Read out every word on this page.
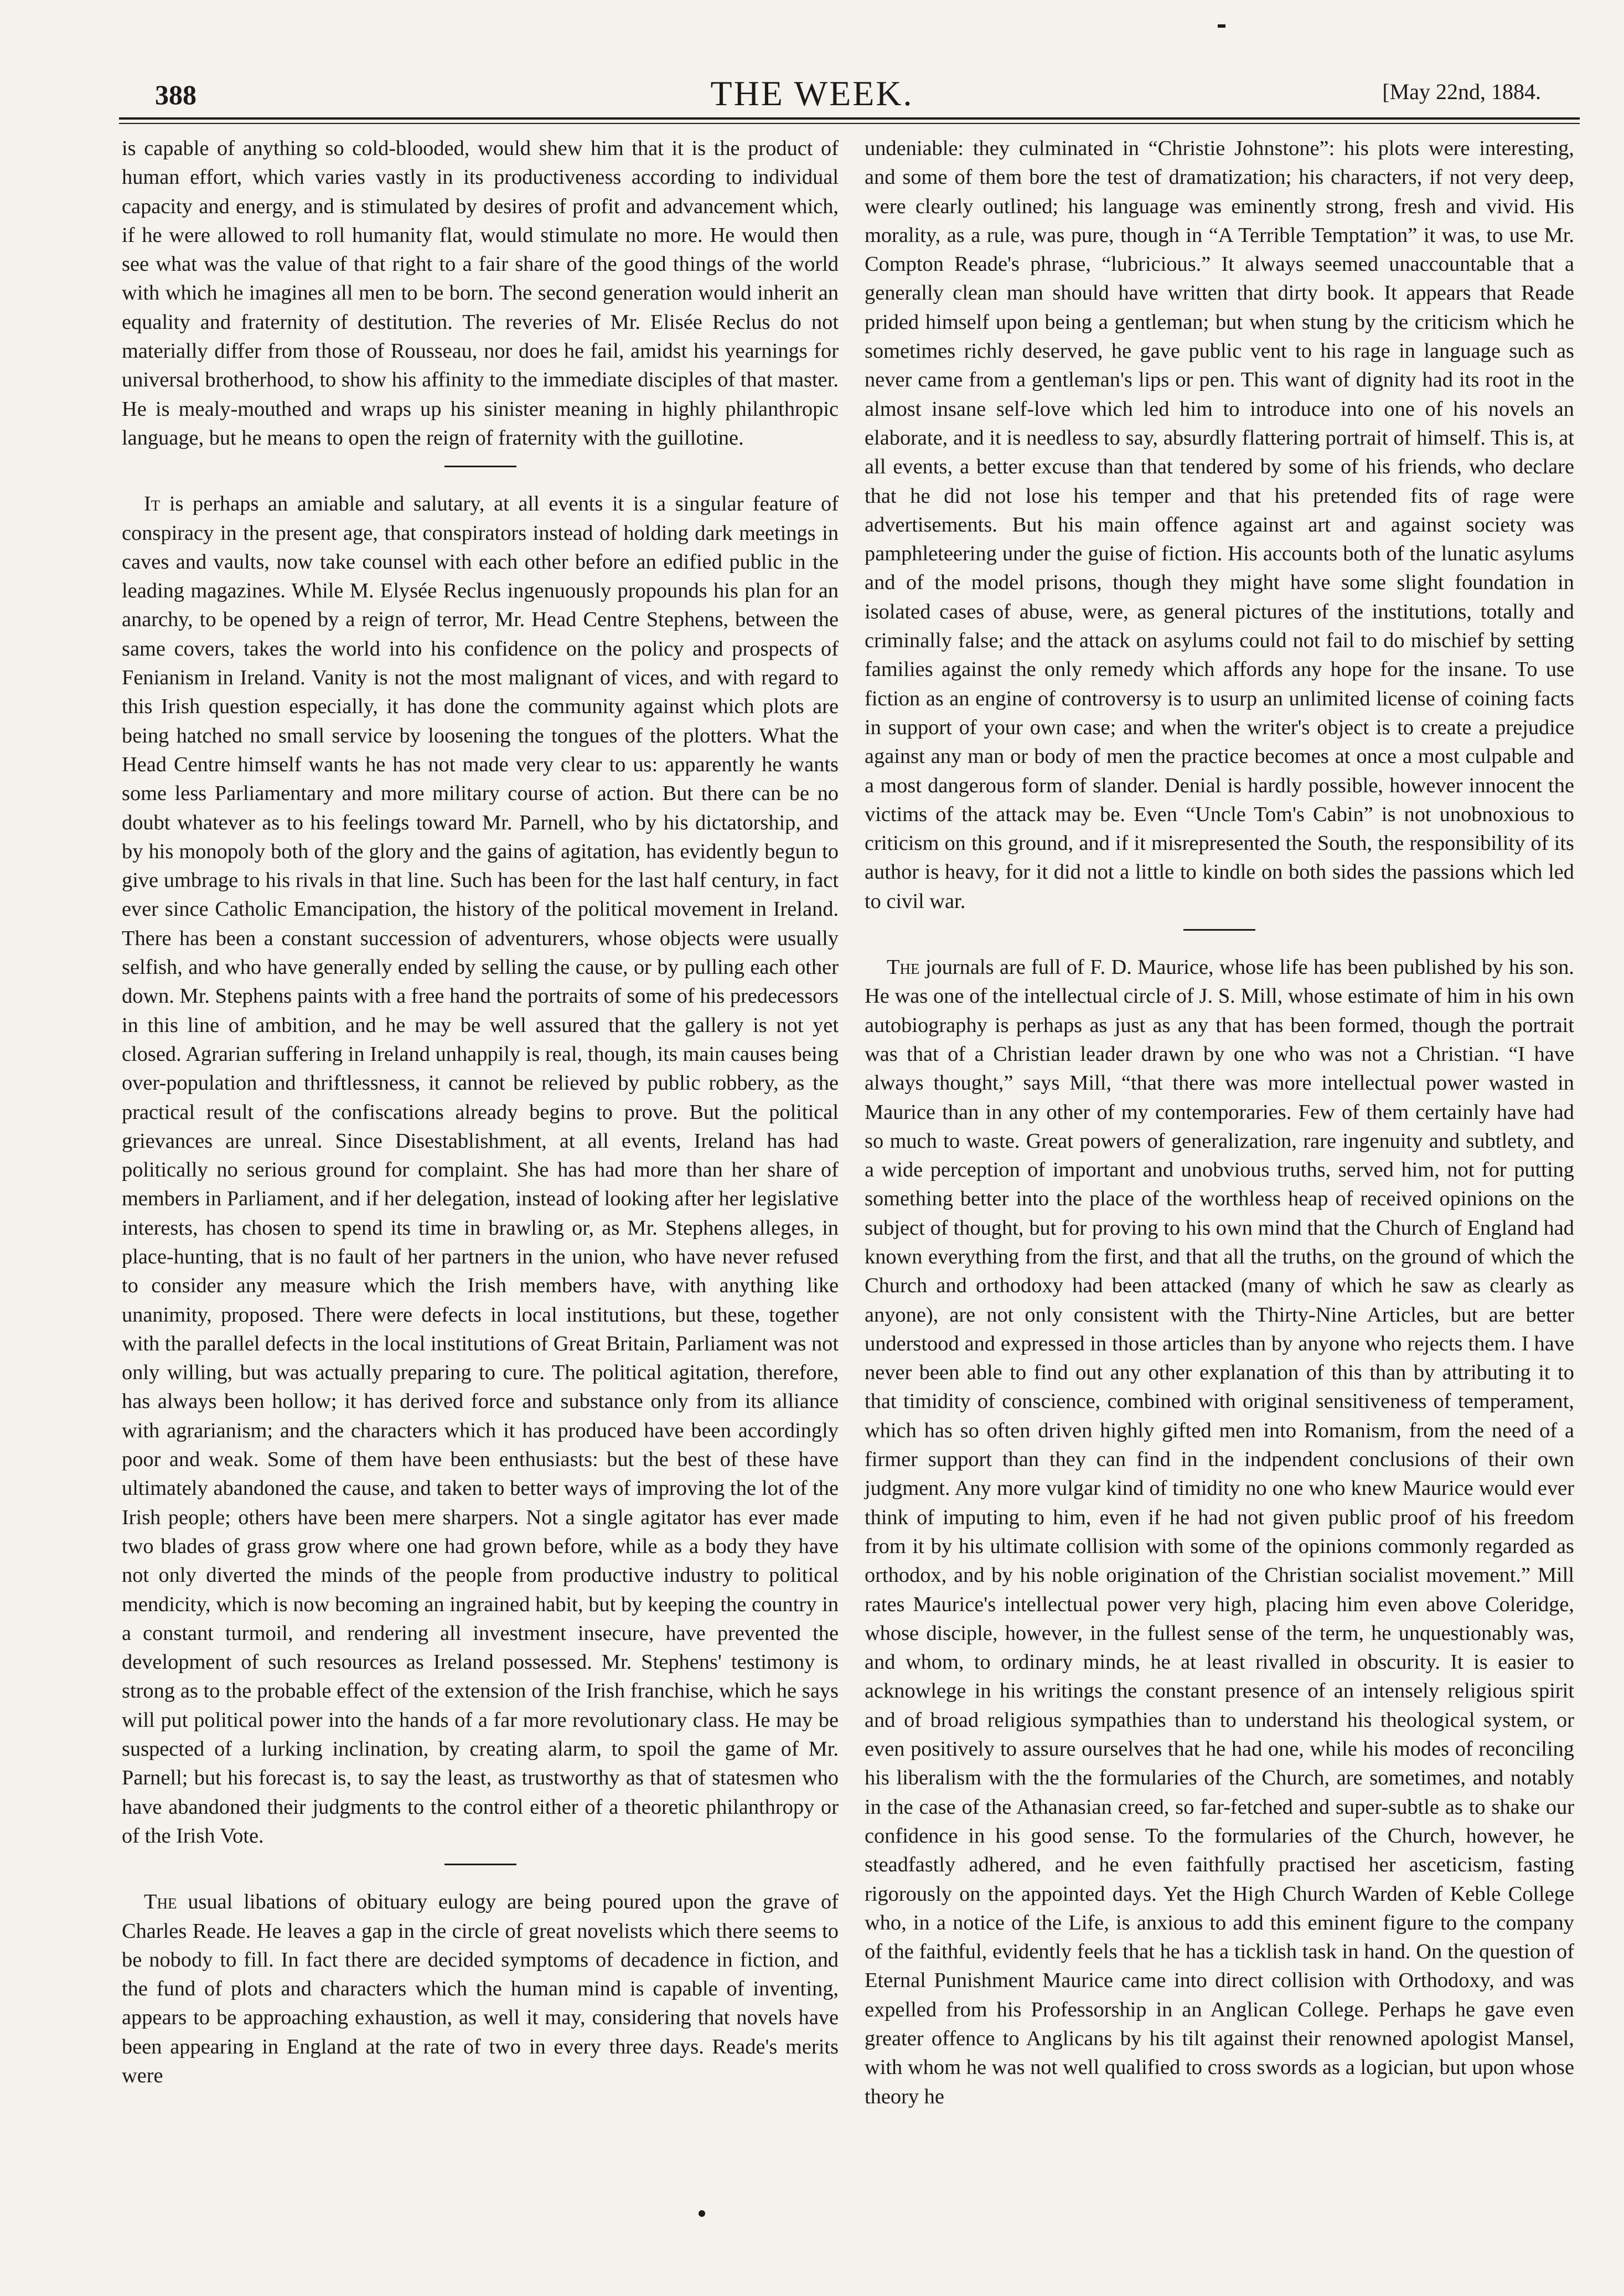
388	THE WEEK.	[May 22nd, 1884.

is capable of anything so cold-blooded, would shew him that it is the product of human effort, which varies vastly in its productiveness according to individual capacity and energy, and is stimulated by desires of profit and advancement which, if he were allowed to roll humanity flat, would stimulate no more. He would then see what was the value of that right to a fair share of the good things of the world with which he imagines all men to be born. The second generation would inherit an equality and fraternity of destitution. The reveries of Mr. Elisée Reclus do not materially differ from those of Rousseau, nor does he fail, amidst his yearnings for universal brotherhood, to show his affinity to the immediate disciples of that master. He is mealy-mouthed and wraps up his sinister meaning in highly philanthropic language, but he means to open the reign of fraternity with the guillotine.

It is perhaps an amiable and salutary, at all events it is a singular feature of conspiracy in the present age, that conspirators instead of holding dark meetings in caves and vaults, now take counsel with each other before an edified public in the leading magazines. While M. Elysée Reclus ingenuously propounds his plan for an anarchy, to be opened by a reign of terror, Mr. Head Centre Stephens, between the same covers, takes the world into his confidence on the policy and prospects of Fenianism in Ireland. Vanity is not the most malignant of vices, and with regard to this Irish question especially, it has done the community against which plots are being hatched no small service by loosening the tongues of the plotters. What the Head Centre himself wants he has not made very clear to us: apparently he wants some less Parliamentary and more military course of action. But there can be no doubt whatever as to his feelings toward Mr. Parnell, who by his dictatorship, and by his monopoly both of the glory and the gains of agitation, has evidently begun to give umbrage to his rivals in that line. Such has been for the last half century, in fact ever since Catholic Emancipation, the history of the political movement in Ireland. There has been a constant succession of adventurers, whose objects were usually selfish, and who have generally ended by selling the cause, or by pulling each other down. Mr. Stephens paints with a free hand the portraits of some of his predecessors in this line of ambition, and he may be well assured that the gallery is not yet closed. Agrarian suffering in Ireland unhappily is real, though, its main causes being over-population and thriftlessness, it cannot be relieved by public robbery, as the practical result of the confiscations already begins to prove. But the political grievances are unreal. Since Disestablishment, at all events, Ireland has had politically no serious ground for complaint. She has had more than her share of members in Parliament, and if her delegation, instead of looking after her legislative interests, has chosen to spend its time in brawling or, as Mr. Stephens alleges, in place-hunting, that is no fault of her partners in the union, who have never refused to consider any measure which the Irish members have, with anything like unanimity, proposed. There were defects in local institutions, but these, together with the parallel defects in the local institutions of Great Britain, Parliament was not only willing, but was actually preparing to cure. The political agitation, therefore, has always been hollow; it has derived force and substance only from its alliance with agrarianism; and the characters which it has produced have been accordingly poor and weak. Some of them have been enthusiasts: but the best of these have ultimately abandoned the cause, and taken to better ways of improving the lot of the Irish people; others have been mere sharpers. Not a single agitator has ever made two blades of grass grow where one had grown before, while as a body they have not only diverted the minds of the people from productive industry to political mendicity, which is now becoming an ingrained habit, but by keeping the country in a constant turmoil, and rendering all investment insecure, have prevented the development of such resources as Ireland possessed. Mr. Stephens' testimony is strong as to the probable effect of the extension of the Irish franchise, which he says will put political power into the hands of a far more revolutionary class. He may be suspected of a lurking inclination, by creating alarm, to spoil the game of Mr. Parnell; but his forecast is, to say the least, as trustworthy as that of statesmen who have abandoned their judgments to the control either of a theoretic philanthropy or of the Irish Vote.

The usual libations of obituary eulogy are being poured upon the grave of Charles Reade. He leaves a gap in the circle of great novelists which there seems to be nobody to fill. In fact there are decided symptoms of decadence in fiction, and the fund of plots and characters which the human mind is capable of inventing, appears to be approaching exhaustion, as well it may, considering that novels have been appearing in England at the rate of two in every three days. Reade's merits were

undeniable: they culminated in “Christie Johnstone”: his plots were interesting, and some of them bore the test of dramatization; his characters, if not very deep, were clearly outlined; his language was eminently strong, fresh and vivid. His morality, as a rule, was pure, though in “A Terrible Temptation” it was, to use Mr. Compton Reade's phrase, “lubricious.” It always seemed unaccountable that a generally clean man should have written that dirty book. It appears that Reade prided himself upon being a gentleman; but when stung by the criticism which he sometimes richly deserved, he gave public vent to his rage in language such as never came from a gentleman's lips or pen. This want of dignity had its root in the almost insane self-love which led him to introduce into one of his novels an elaborate, and it is needless to say, absurdly flattering portrait of himself. This is, at all events, a better excuse than that tendered by some of his friends, who declare that he did not lose his temper and that his pretended fits of rage were advertisements. But his main offence against art and against society was pamphleteering under the guise of fiction. His accounts both of the lunatic asylums and of the model prisons, though they might have some slight foundation in isolated cases of abuse, were, as general pictures of the institutions, totally and criminally false; and the attack on asylums could not fail to do mischief by setting families against the only remedy which affords any hope for the insane. To use fiction as an engine of controversy is to usurp an unlimited license of coining facts in support of your own case; and when the writer's object is to create a prejudice against any man or body of men the practice becomes at once a most culpable and a most dangerous form of slander. Denial is hardly possible, however innocent the victims of the attack may be. Even “Uncle Tom's Cabin” is not unobnoxious to criticism on this ground, and if it misrepresented the South, the responsibility of its author is heavy, for it did not a little to kindle on both sides the passions which led to civil war.

The journals are full of F. D. Maurice, whose life has been published by his son. He was one of the intellectual circle of J. S. Mill, whose estimate of him in his own autobiography is perhaps as just as any that has been formed, though the portrait was that of a Christian leader drawn by one who was not a Christian. “I have always thought,” says Mill, “that there was more intellectual power wasted in Maurice than in any other of my contemporaries. Few of them certainly have had so much to waste. Great powers of generalization, rare ingenuity and subtlety, and a wide perception of important and unobvious truths, served him, not for putting something better into the place of the worthless heap of received opinions on the subject of thought, but for proving to his own mind that the Church of England had known everything from the first, and that all the truths, on the ground of which the Church and orthodoxy had been attacked (many of which he saw as clearly as anyone), are not only consistent with the Thirty-Nine Articles, but are better understood and expressed in those articles than by anyone who rejects them. I have never been able to find out any other explanation of this than by attributing it to that timidity of conscience, combined with original sensitiveness of temperament, which has so often driven highly gifted men into Romanism, from the need of a firmer support than they can find in the indpendent conclusions of their own judgment. Any more vulgar kind of timidity no one who knew Maurice would ever think of imputing to him, even if he had not given public proof of his freedom from it by his ultimate collision with some of the opinions commonly regarded as orthodox, and by his noble origination of the Christian socialist movement.” Mill rates Maurice's intellectual power very high, placing him even above Coleridge, whose disciple, however, in the fullest sense of the term, he unquestionably was, and whom, to ordinary minds, he at least rivalled in obscurity. It is easier to acknowlege in his writings the constant presence of an intensely religious spirit and of broad religious sympathies than to understand his theological system, or even positively to assure ourselves that he had one, while his modes of reconciling his liberalism with the the formularies of the Church, are sometimes, and notably in the case of the Athanasian creed, so far-fetched and super-subtle as to shake our confidence in his good sense. To the formularies of the Church, however, he steadfastly adhered, and he even faithfully practised her asceticism, fasting rigorously on the appointed days. Yet the High Church Warden of Keble College who, in a notice of the Life, is anxious to add this eminent figure to the company of the faithful, evidently feels that he has a ticklish task in hand. On the question of Eternal Punishment Maurice came into direct collision with Orthodoxy, and was expelled from his Professorship in an Anglican College. Perhaps he gave even greater offence to Anglicans by his tilt against their renowned apologist Mansel, with whom he was not well qualified to cross swords as a logician, but upon whose theory he
